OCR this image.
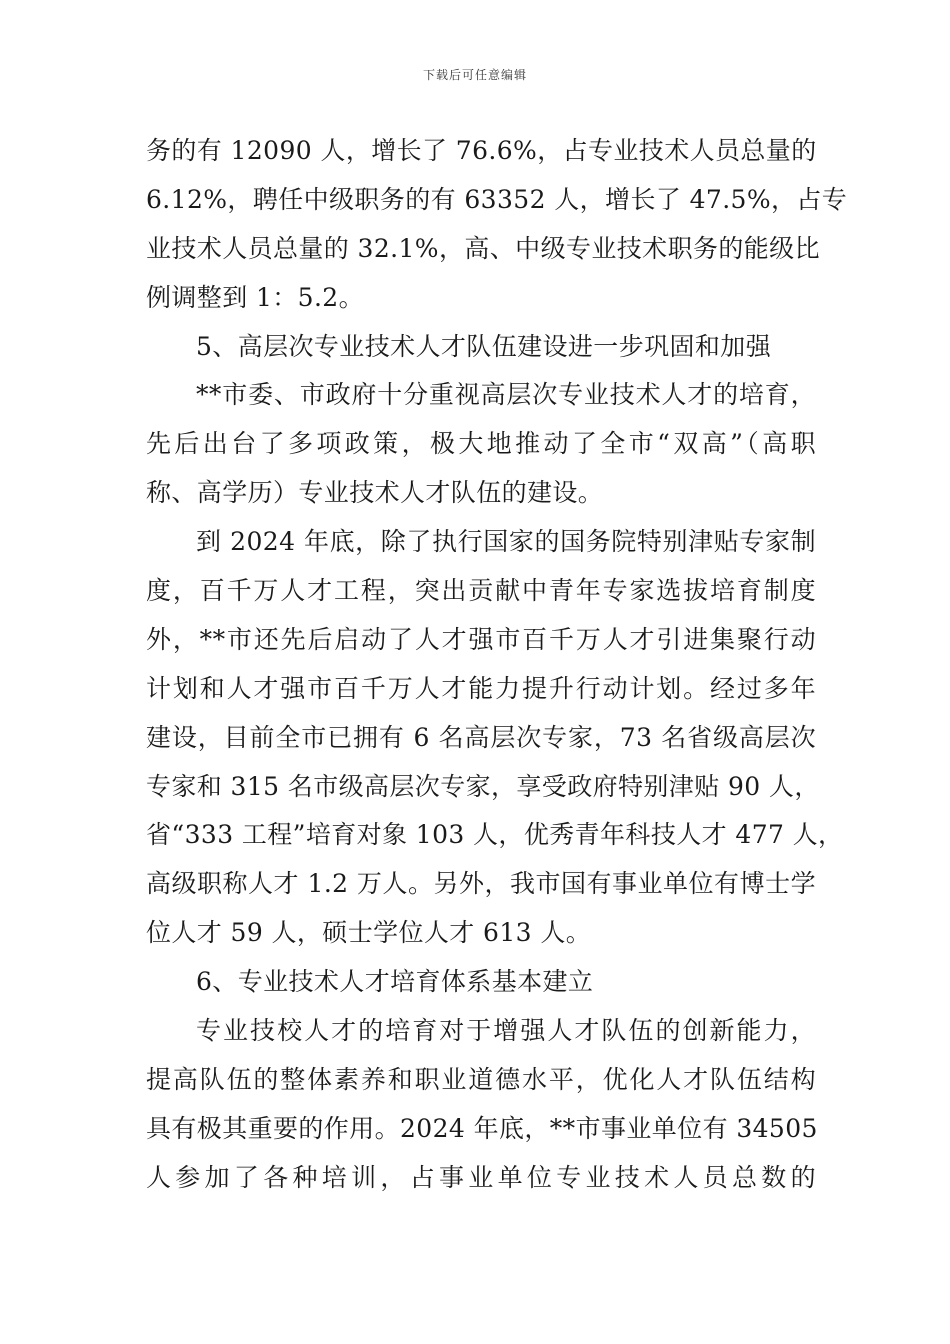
下载后可任意编辑
务的有 12090 人，增长了 76.6%，占专业技术人员总量的
6.12%，聘任中级职务的有 63352 人，增长了 47.5%，占专
业技术人员总量的 32.1%，高、中级专业技术职务的能级比
例调整到 1：5.2。
5、高层次专业技术人才队伍建设进一步巩固和加强
**市委、市政府十分重视高层次专业技术人才的培育，
先后出台了多项政策，极大地推动了全市“双高”（高职
称、高学历）专业技术人才队伍的建设。
到 2024 年底，除了执行国家的国务院特别津贴专家制
度，百千万人才工程，突出贡献中青年专家选拔培育制度
外，**市还先后启动了人才强市百千万人才引进集聚行动
计划和人才强市百千万人才能力提升行动计划。经过多年
建设，目前全市已拥有 6 名高层次专家，73 名省级高层次
专家和 315 名市级高层次专家，享受政府特别津贴 90 人，
省“333 工程”培育对象 103 人，优秀青年科技人才 477 人，
高级职称人才 1.2 万人。另外，我市国有事业单位有博士学
位人才 59 人，硕士学位人才 613 人。
6、专业技术人才培育体系基本建立
专业技校人才的培育对于增强人才队伍的创新能力，
提高队伍的整体素养和职业道德水平，优化人才队伍结构
具有极其重要的作用。2024 年底，**市事业单位有 34505
人参加了各种培训，占事业单位专业技术人员总数的
